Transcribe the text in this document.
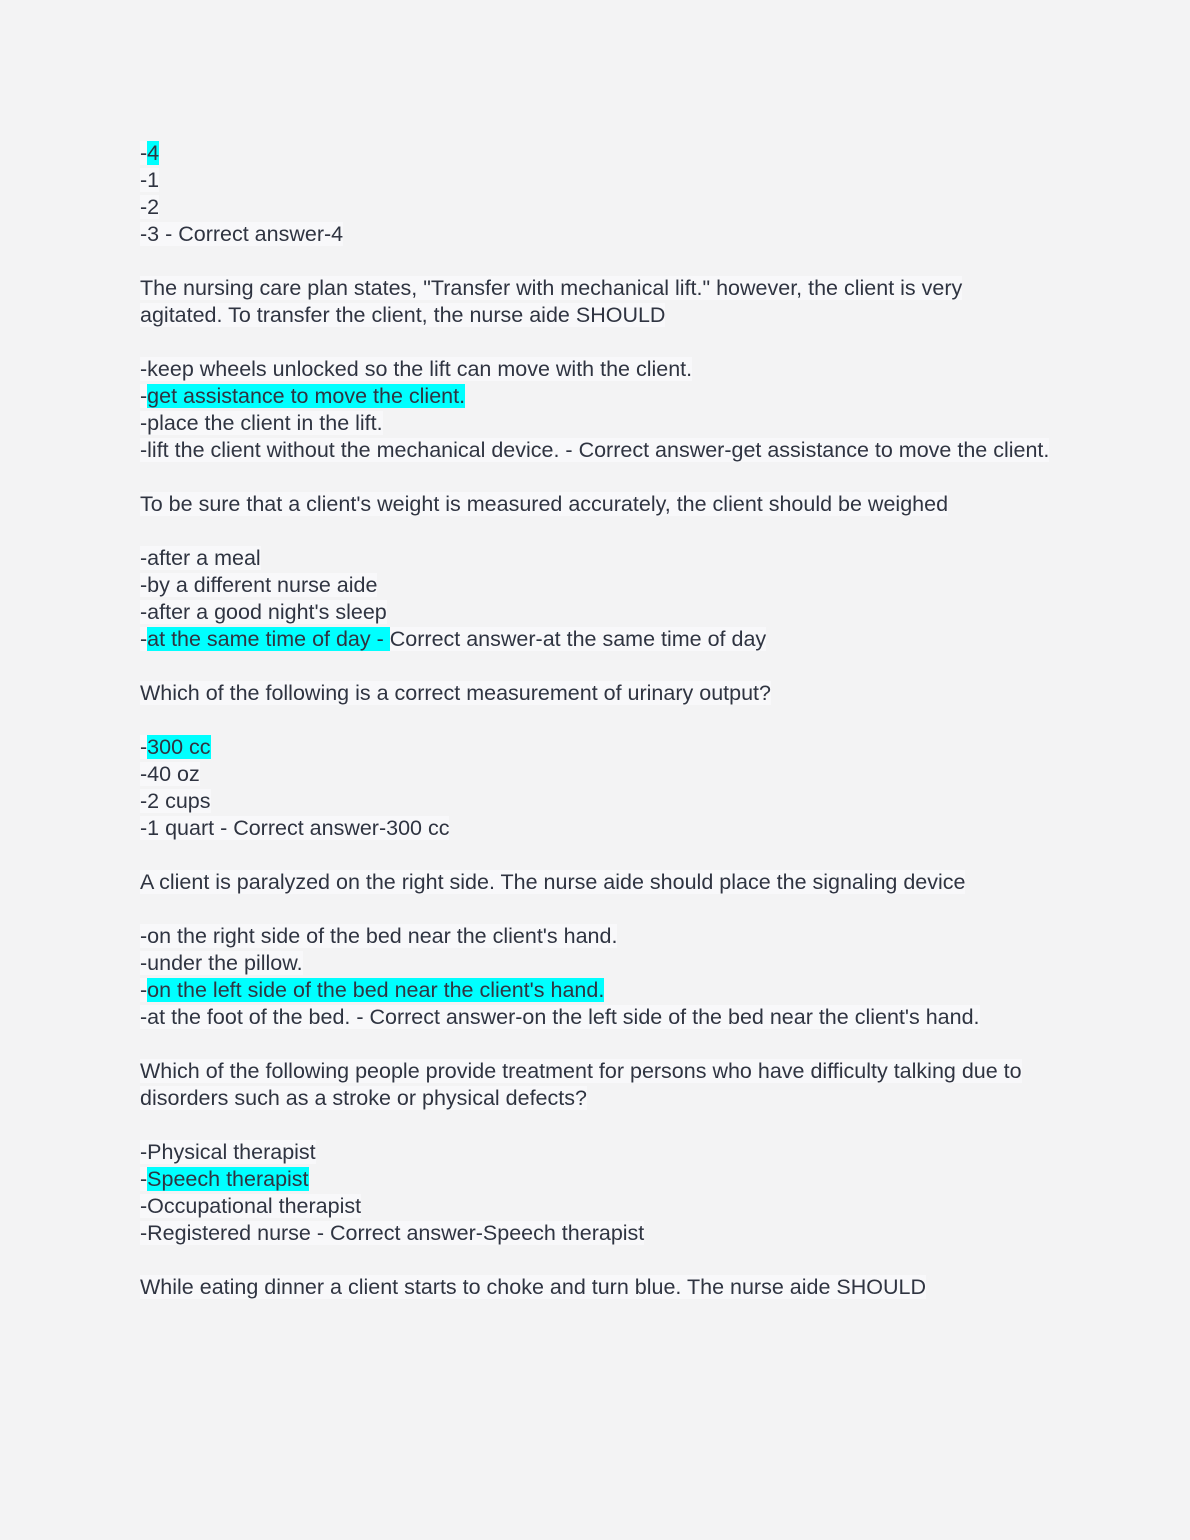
-4
-1
-2
-3 - Correct answer-4
The nursing care plan states, "Transfer with mechanical lift." however, the client is very agitated. To transfer the client, the nurse aide SHOULD
-keep wheels unlocked so the lift can move with the client.
-get assistance to move the client.
-place the client in the lift.
-lift the client without the mechanical device. - Correct answer-get assistance to move the client.
To be sure that a client's weight is measured accurately, the client should be weighed
-after a meal
-by a different nurse aide
-after a good night's sleep
-at the same time of day - Correct answer-at the same time of day
Which of the following is a correct measurement of urinary output?
-300 cc
-40 oz
-2 cups
-1 quart - Correct answer-300 cc
A client is paralyzed on the right side. The nurse aide should place the signaling device
-on the right side of the bed near the client's hand.
-under the pillow.
-on the left side of the bed near the client's hand.
-at the foot of the bed. - Correct answer-on the left side of the bed near the client's hand.
Which of the following people provide treatment for persons who have difficulty talking due to disorders such as a stroke or physical defects?
-Physical therapist
-Speech therapist
-Occupational therapist
-Registered nurse - Correct answer-Speech therapist
While eating dinner a client starts to choke and turn blue. The nurse aide SHOULD
